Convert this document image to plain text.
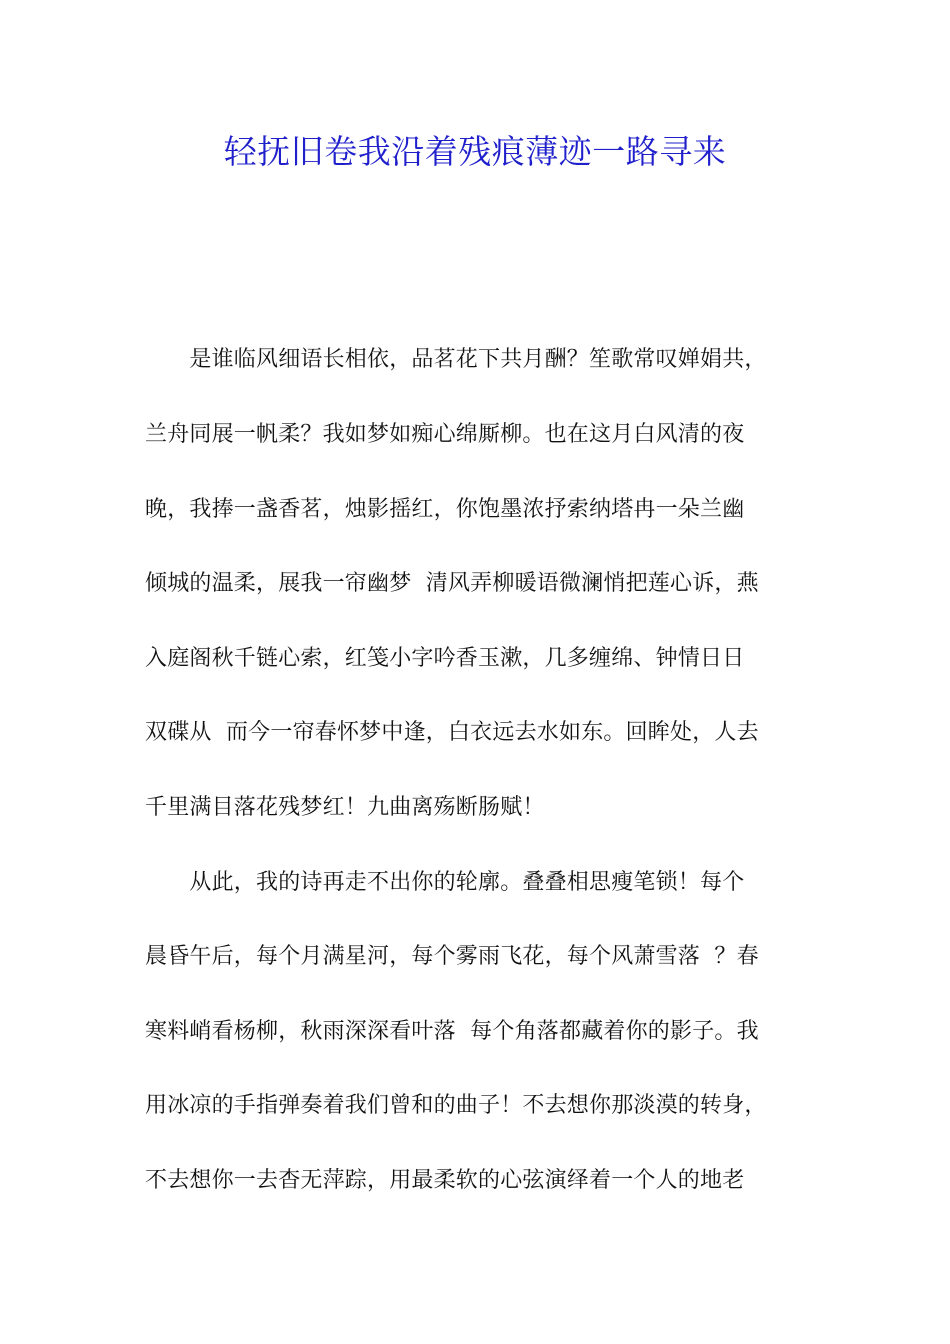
轻抚旧卷我沿着残痕薄迹一路寻来
　　是谁临风细语长相依，品茗花下共月酬？笙歌常叹婵娟共，
兰舟同展一帆柔？我如梦如痴心绵厮柳。也在这月白风清的夜
晚，我捧一盏香茗，烛影摇红，你饱墨浓抒索纳塔冉一朵兰幽
倾城的温柔，展我一帘幽梦  清风弄柳暖语微澜悄把莲心诉，燕
入庭阁秋千链心索，红笺小字吟香玉漱，几多缠绵、钟情日日
双碟从  而今一帘春怀梦中逢，白衣远去水如东。回眸处，人去
千里满目落花残梦红！九曲离殇断肠赋！
　　从此，我的诗再走不出你的轮廓。叠叠相思瘦笔锁！每个
晨昏午后，每个月满星河，每个雾雨飞花，每个风萧雪落  ？春
寒料峭看杨柳，秋雨深深看叶落  每个角落都藏着你的影子。我
用冰凉的手指弹奏着我们曾和的曲子！不去想你那淡漠的转身，
不去想你一去杳无萍踪，用最柔软的心弦演绎着一个人的地老
